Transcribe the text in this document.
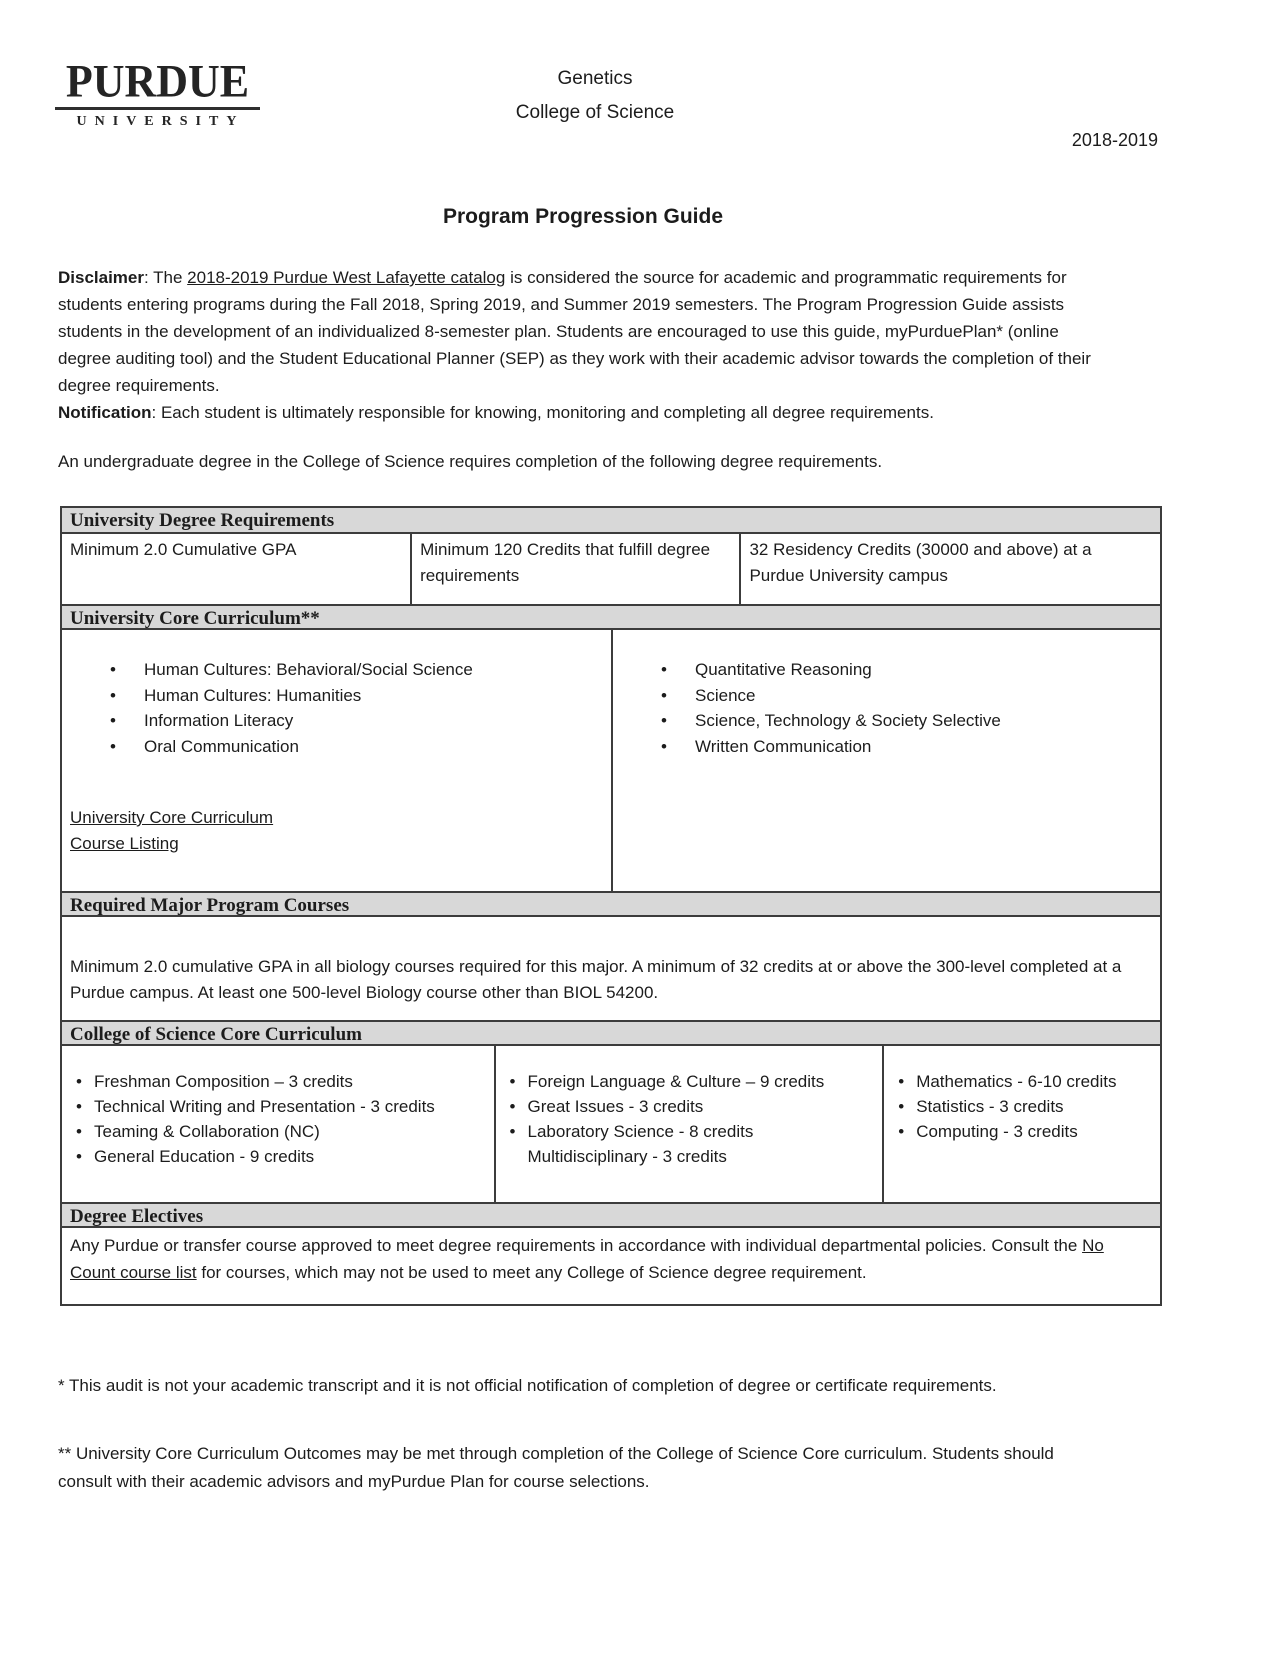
PURDUE
UNIVERSITY
Genetics
College of Science
2018-2019
Program Progression Guide

Disclaimer: The 2018-2019 Purdue West Lafayette catalog is considered the source for academic and programmatic requirements for students entering programs during the Fall 2018, Spring 2019, and Summer 2019 semesters. The Program Progression Guide assists students in the development of an individualized 8-semester plan. Students are encouraged to use this guide, myPurduePlan* (online degree auditing tool) and the Student Educational Planner (SEP) as they work with their academic advisor towards the completion of their degree requirements.

Notification: Each student is ultimately responsible for knowing, monitoring and completing all degree requirements.

An undergraduate degree in the College of Science requires completion of the following degree requirements.

University Degree Requirements
Minimum 2.0 Cumulative GPA	Minimum 120 Credits that fulfill degree requirements
32 Residency Credits (30000 and above) at a Purdue University campus
University Core Curriculum**
• Human Cultures: Behavioral/Social Science
• Human Cultures: Humanities
• Information Literacy
• Oral Communication
University Core Curriculum
Course Listing
• Quantitative Reasoning
• Science
• Science, Technology & Society Selective
• Written Communication
Required Major Program Courses
Minimum 2.0 cumulative GPA in all biology courses required for this major. A minimum of 32 credits at or above the 300-level completed at a Purdue campus. At least one 500-level Biology course other than BIOL 54200.
College of Science Core Curriculum
• Freshman Composition – 3 credits
• Technical Writing and Presentation - 3 credits
• Teaming & Collaboration (NC)
• General Education - 9 credits
• Foreign Language & Culture – 9 credits
• Great Issues - 3 credits
• Laboratory Science - 8 credits
Multidisciplinary - 3 credits
• Mathematics - 6-10 credits
• Statistics - 3 credits
• Computing - 3 credits
Degree Electives
Any Purdue or transfer course approved to meet degree requirements in accordance with individual departmental policies. Consult the No Count course list for courses, which may not be used to meet any College of Science degree requirement.

* This audit is not your academic transcript and it is not official notification of completion of degree or certificate requirements.

** University Core Curriculum Outcomes may be met through completion of the College of Science Core curriculum. Students should consult with their academic advisors and myPurdue Plan for course selections.
